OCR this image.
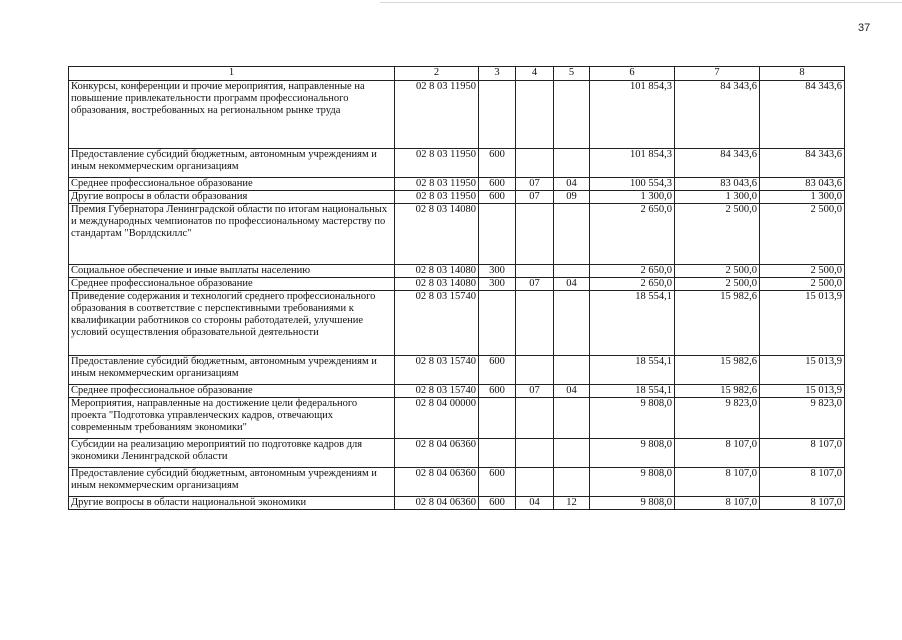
37
1	2	3	4	5	6	7	8
Конкурсы, конференции и прочие мероприятия, направленные на повышение привлекательности программ профессионального образования, востребованных на региональном рынке труда	02 8 03 11950				101 854,3	84 343,6	84 343,6
Предоставление субсидий бюджетным, автономным учреждениям и иным некоммерческим организациям	02 8 03 11950	600			101 854,3	84 343,6	84 343,6
Среднее профессиональное образование	02 8 03 11950	600	07	04	100 554,3	83 043,6	83 043,6
Другие вопросы в области образования	02 8 03 11950	600	07	09	1 300,0	1 300,0	1 300,0
Премия Губернатора Ленинградской области по итогам национальных и международных чемпионатов по профессиональному мастерству по стандартам "Ворлдскиллс"	02 8 03 14080				2 650,0	2 500,0	2 500,0
Социальное обеспечение и иные выплаты населению	02 8 03 14080	300			2 650,0	2 500,0	2 500,0
Среднее профессиональное образование	02 8 03 14080	300	07	04	2 650,0	2 500,0	2 500,0
Приведение содержания и технологий среднего профессионального образования в соответствие с перспективными требованиями к квалификации работников со стороны работодателей, улучшение условий осуществления образовательной деятельности	02 8 03 15740				18 554,1	15 982,6	15 013,9
Предоставление субсидий бюджетным, автономным учреждениям и иным некоммерческим организациям	02 8 03 15740	600			18 554,1	15 982,6	15 013,9
Среднее профессиональное образование	02 8 03 15740	600	07	04	18 554,1	15 982,6	15 013,9
Мероприятия, направленные на достижение цели федерального проекта "Подготовка управленческих кадров, отвечающих современным требованиям экономики"	02 8 04 00000				9 808,0	9 823,0	9 823,0
Субсидии на реализацию мероприятий по подготовке кадров для экономики Ленинградской области	02 8 04 06360				9 808,0	8 107,0	8 107,0
Предоставление субсидий бюджетным, автономным учреждениям и иным некоммерческим организациям	02 8 04 06360	600			9 808,0	8 107,0	8 107,0
Другие вопросы в области национальной экономики	02 8 04 06360	600	04	12	9 808,0	8 107,0	8 107,0
